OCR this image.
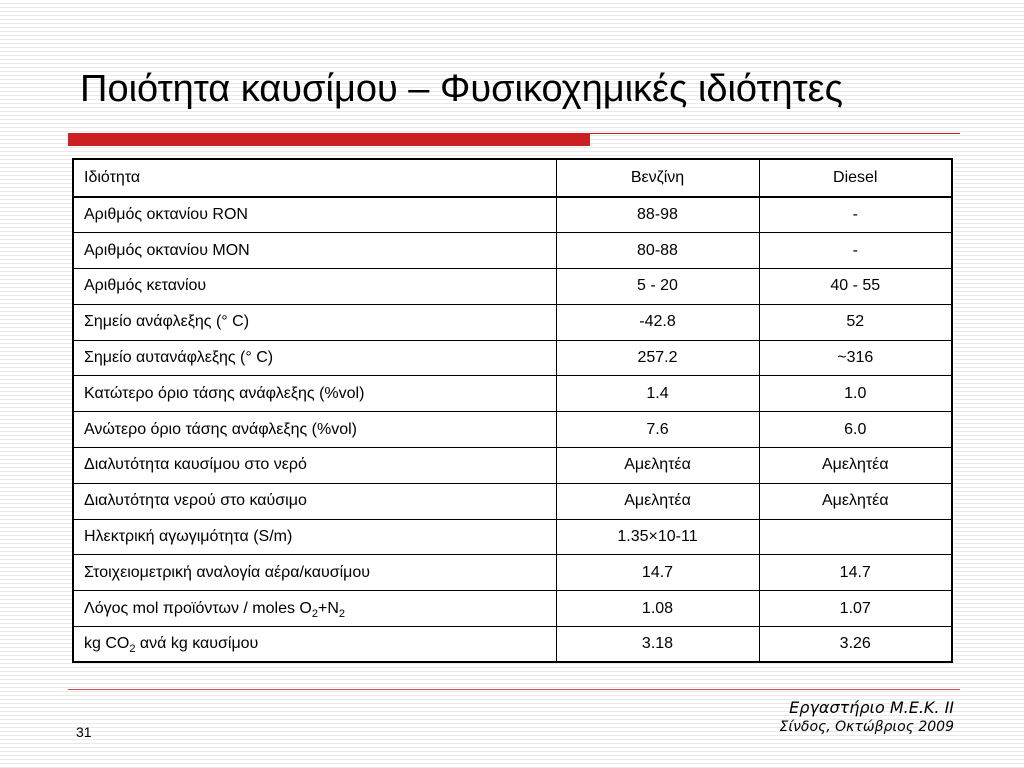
Ποιότητα καυσίμου – Φυσικοχημικές ιδιότητες
Ιδιότητα	Βενζίνη	Diesel
Αριθμός οκτανίου RON	88-98	-
Αριθμός οκτανίου MON	80-88	-
Αριθμός κετανίου	5 - 20	40 - 55
Σημείο ανάφλεξης (° C)	-42.8	52
Σημείο αυτανάφλεξης (° C)	257.2	~316
Κατώτερο όριο τάσης ανάφλεξης (%vol)	1.4	1.0
Ανώτερο όριο τάσης ανάφλεξης (%vol)	7.6	6.0
Διαλυτότητα καυσίμου στο νερό	Αμελητέα	Αμελητέα
Διαλυτότητα νερού στο καύσιμο	Αμελητέα	Αμελητέα
Ηλεκτρική αγωγιμότητα (S/m)	1.35×10-11	
Στοιχειομετρική αναλογία αέρα/καυσίμου	14.7	14.7
Λόγος mol προϊόντων / moles $O_2+N_2$	1.08	1.07
kg $CO_2$ ανά kg καυσίμου	3.18	3.26
31
Εργαστήριο Μ.Ε.Κ. ΙΙ
Σίνδος, Οκτώβριος 2009
